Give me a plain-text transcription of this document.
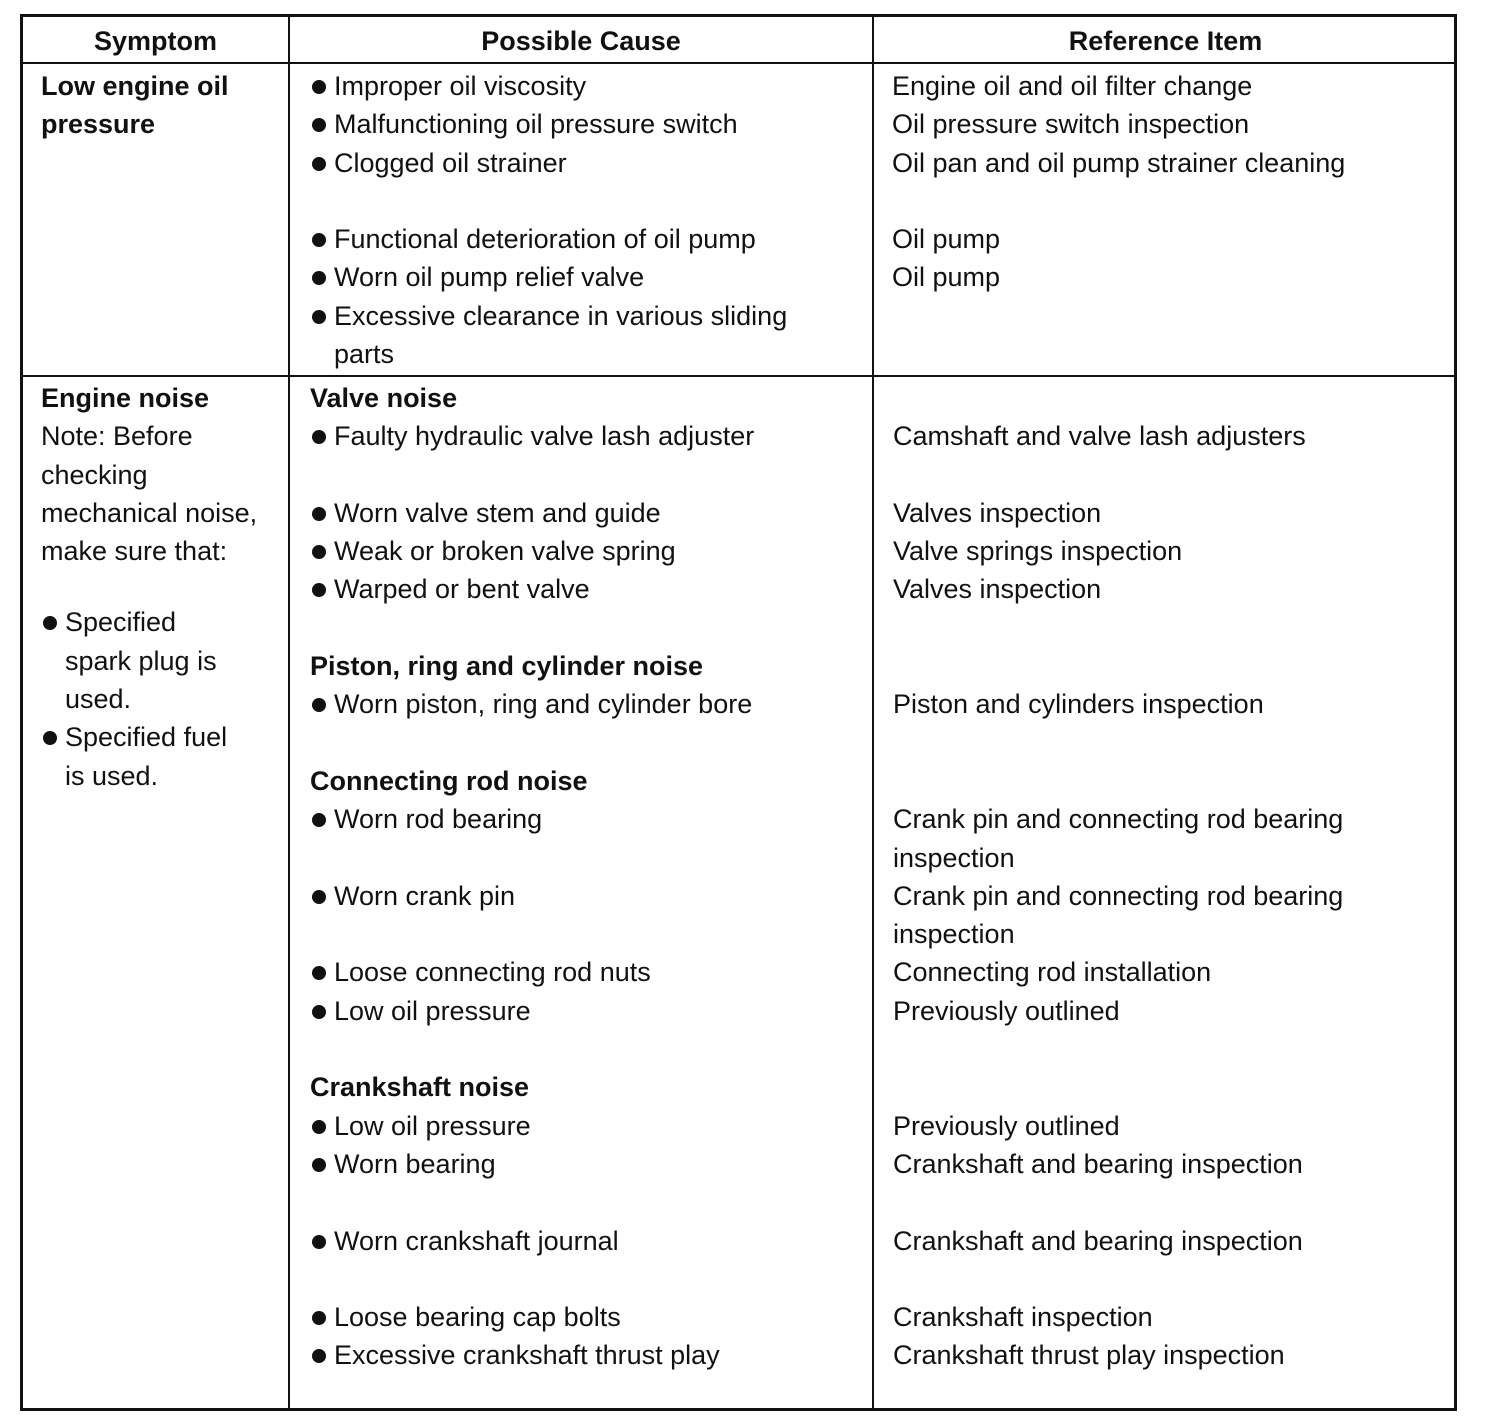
Symptom	Possible Cause	Reference Item
Low engine oil
pressure
Improper oil viscosity
Malfunctioning oil pressure switch
Clogged oil strainer

Functional deterioration of oil pump
Worn oil pump relief valve
Excessive clearance in various sliding
parts
Engine oil and oil filter change
Oil pressure switch inspection
Oil pan and oil pump strainer cleaning

Oil pump
Oil pump
Engine noise
Note: Before
checking
mechanical noise,
make sure that:
Specified
spark plug is
used.
Specified fuel
is used.
Valve noise
Faulty hydraulic valve lash adjuster

Worn valve stem and guide
Weak or broken valve spring
Warped or bent valve

Piston, ring and cylinder noise
Worn piston, ring and cylinder bore

Connecting rod noise
Worn rod bearing

Worn crank pin

Loose connecting rod nuts
Low oil pressure

Crankshaft noise
Low oil pressure
Worn bearing

Worn crankshaft journal

Loose bearing cap bolts
Excessive crankshaft thrust play

Camshaft and valve lash adjusters

Valves inspection
Valve springs inspection
Valves inspection

Piston and cylinders inspection

Crank pin and connecting rod bearing
inspection
Crank pin and connecting rod bearing
inspection
Connecting rod installation
Previously outlined

Previously outlined
Crankshaft and bearing inspection

Crankshaft and bearing inspection

Crankshaft inspection
Crankshaft thrust play inspection
